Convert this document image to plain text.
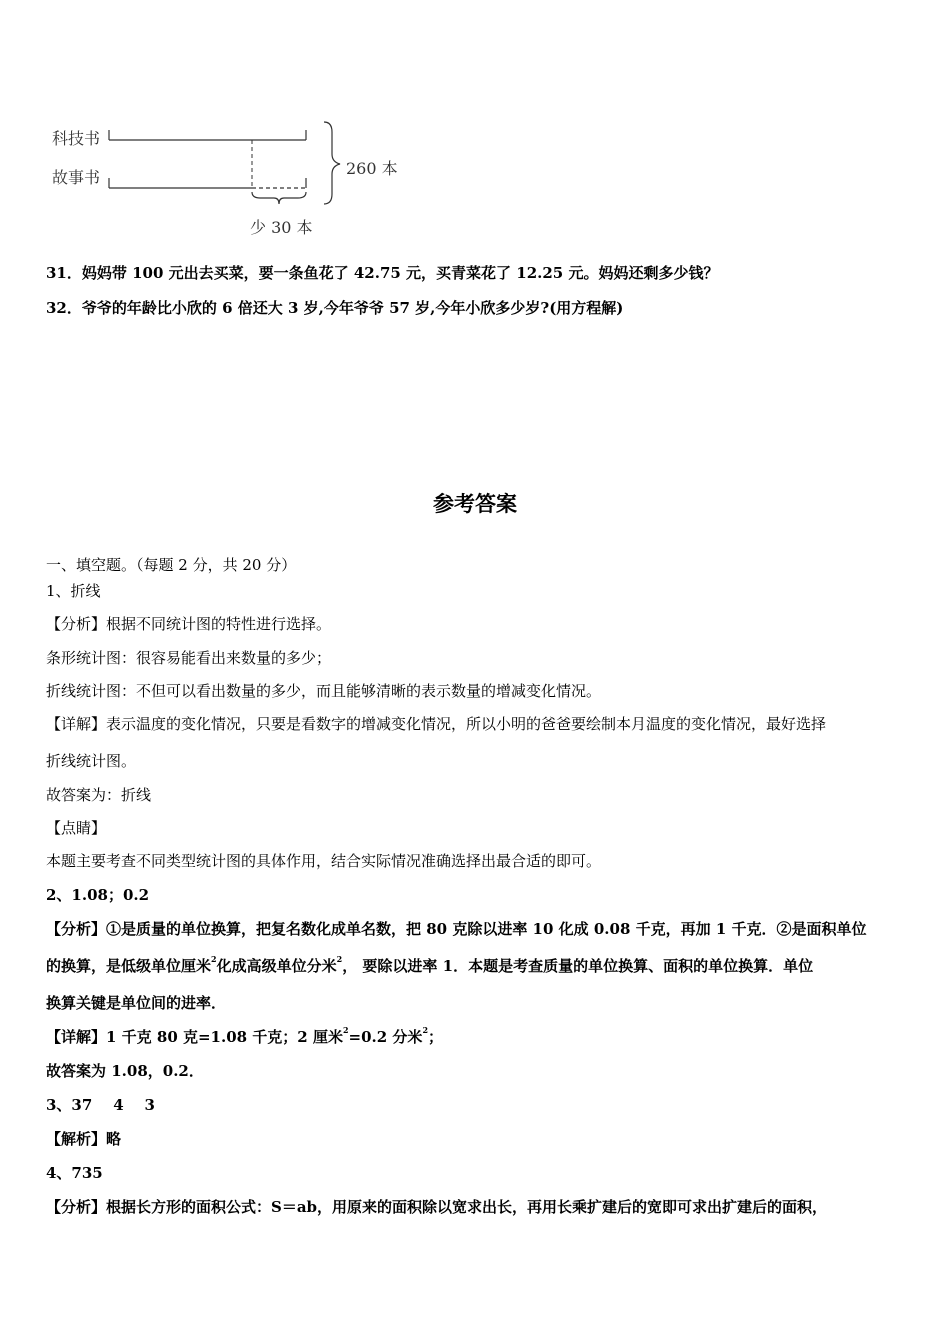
科技书
故事书	260 本
少 30 本
31．妈妈带 100 元出去买菜，要一条鱼花了 42.75 元，买青菜花了 12.25 元。妈妈还剩多少钱？
32．爷爷的年龄比小欣的 6 倍还大 3 岁,今年爷爷 57 岁,今年小欣多少岁?(用方程解)
参考答案
一、填空题。（每题 2 分，共 20 分）
1、折线
【分析】根据不同统计图的特性进行选择。
条形统计图：很容易能看出来数量的多少；
折线统计图：不但可以看出数量的多少，而且能够清晰的表示数量的增减变化情况。
【详解】表示温度的变化情况，只要是看数字的增减变化情况，所以小明的爸爸要绘制本月温度的变化情况，最好选择
折线统计图。
故答案为：折线
【点睛】
本题主要考查不同类型统计图的具体作用，结合实际情况准确选择出最合适的即可。
2、1.08；0.2
【分析】①是质量的单位换算，把复名数化成单名数，把 80 克除以进率 10 化成 0.08 千克，再加 1 千克．②是面积单位
的换算，是低级单位厘米$^2$化成高级单位分米$^2$， 要除以进率 1．本题是考查质量的单位换算、面积的单位换算．单位
换算关键是单位间的进率．
【详解】1 千克 80 克=1.08 千克；2 厘米$^2$=0.2 分米$^2$；
故答案为 1.08，0.2．
3、37    4    3
【解析】略
4、735
【分析】根据长方形的面积公式：S＝ab，用原来的面积除以宽求出长，再用长乘扩建后的宽即可求出扩建后的面积，
